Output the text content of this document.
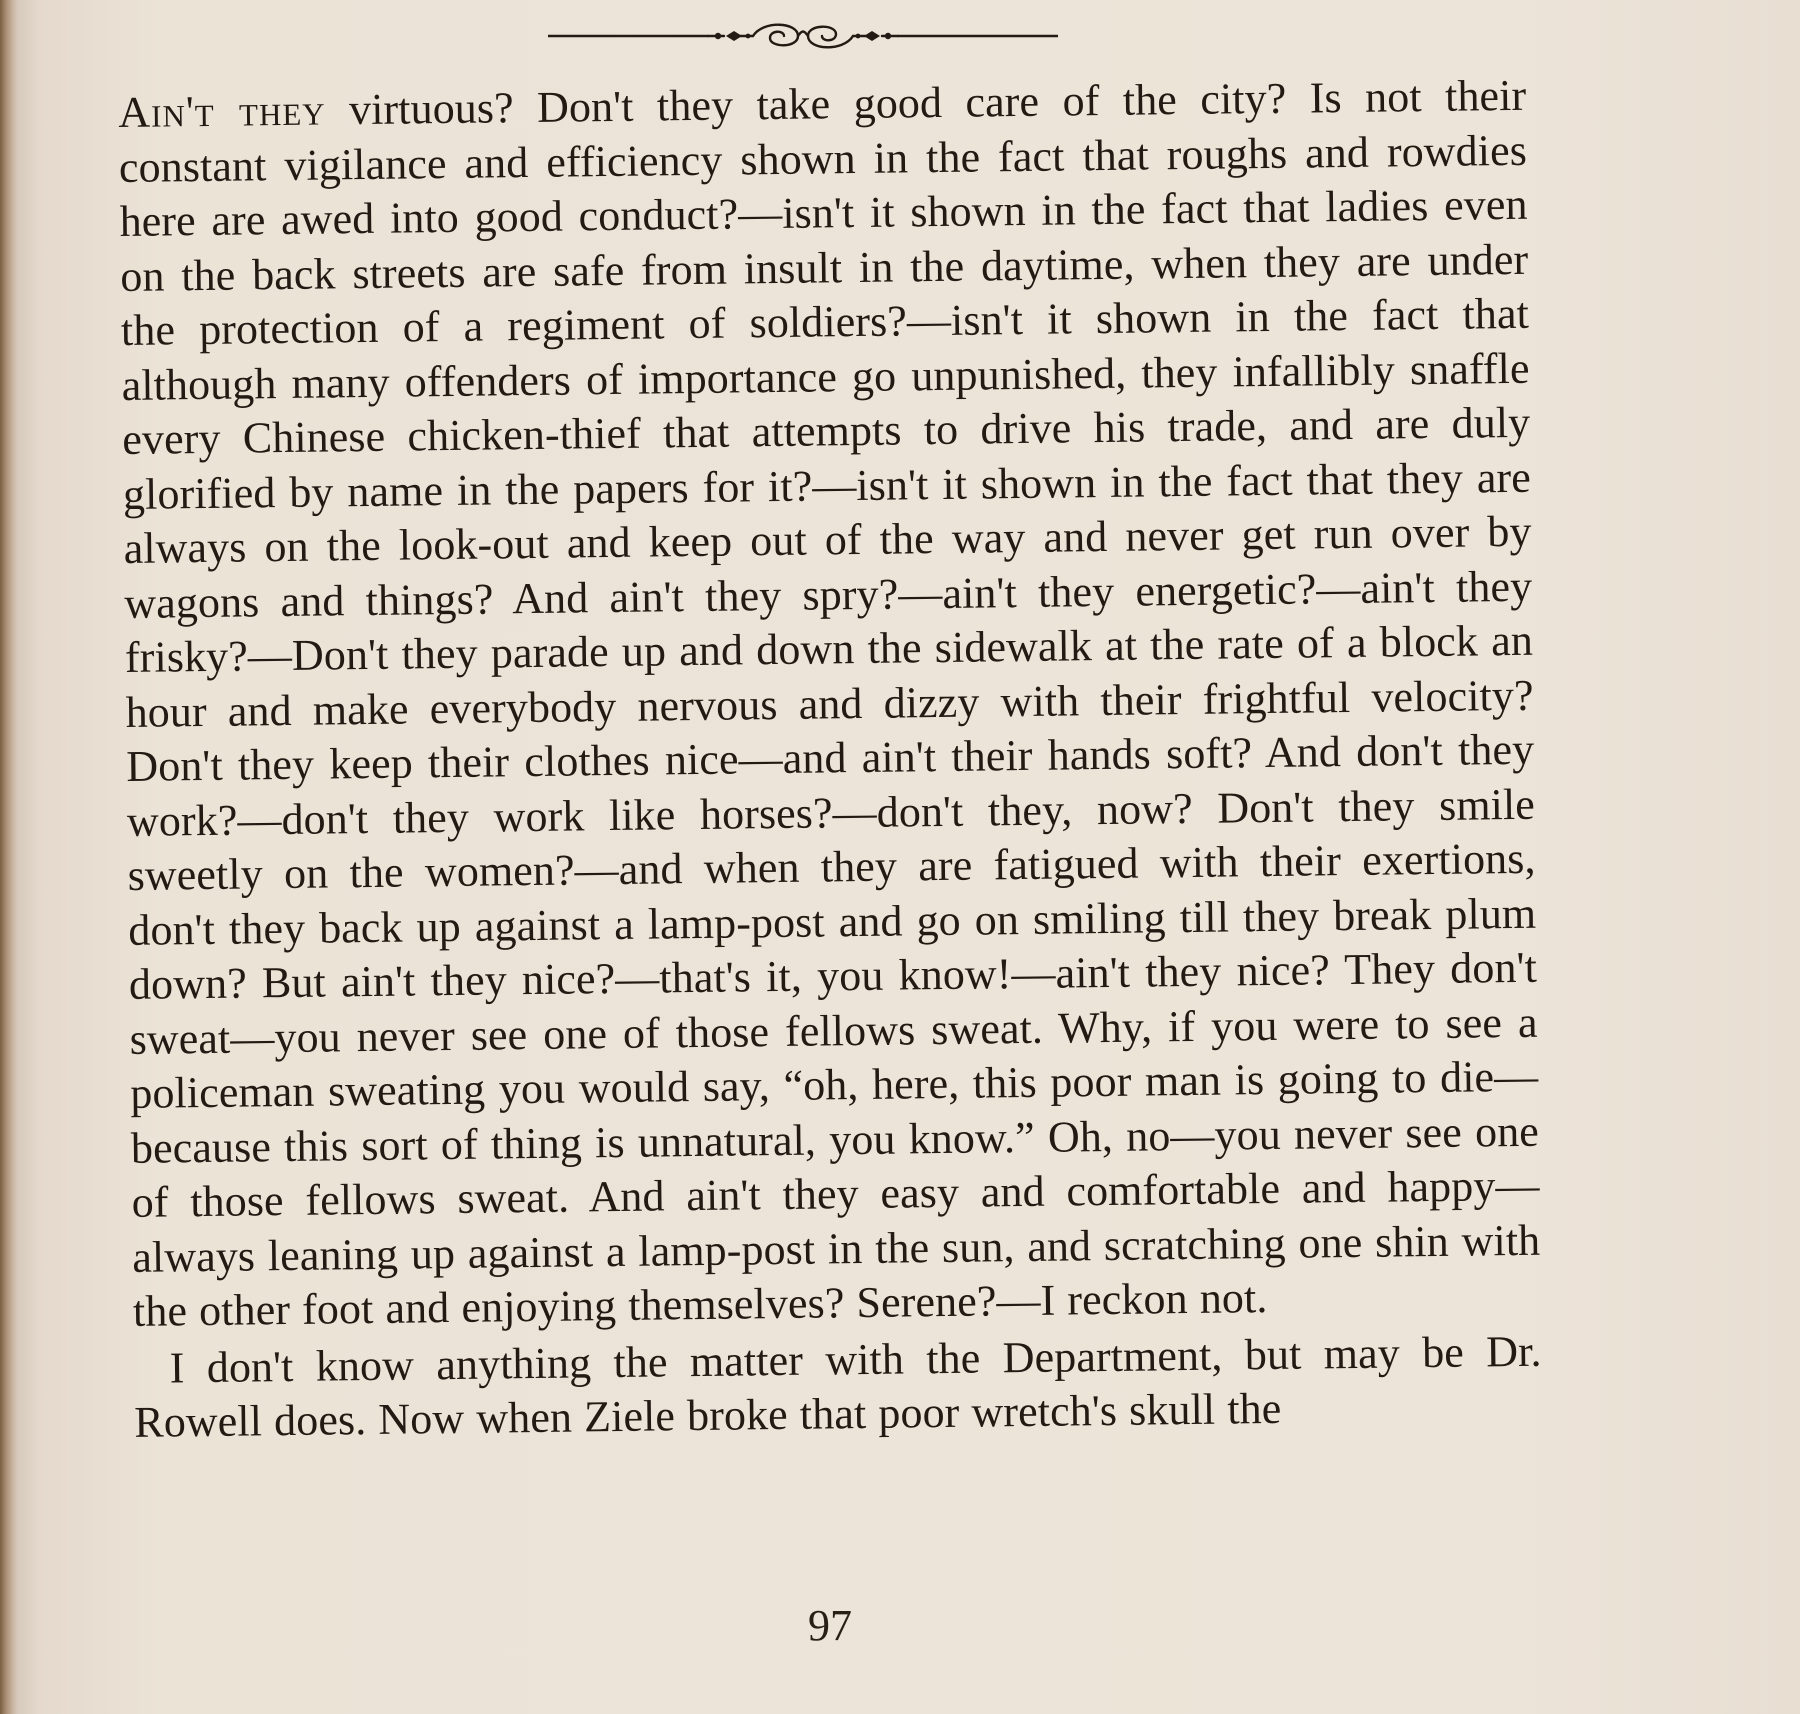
Ain't they virtuous? Don't they take good care of the city? Is not their constant vigilance and efficiency shown in the fact that roughs and rowdies here are awed into good conduct?—isn't it shown in the fact that ladies even on the back streets are safe from insult in the daytime, when they are under the protection of a regiment of soldiers?—isn't it shown in the fact that although many offenders of importance go unpunished, they infallibly snaffle every Chinese chicken-thief that attempts to drive his trade, and are duly glorified by name in the papers for it?—isn't it shown in the fact that they are always on the look-out and keep out of the way and never get run over by wagons and things? And ain't they spry?—ain't they energetic?—ain't they frisky?—Don't they parade up and down the sidewalk at the rate of a block an hour and make everybody nervous and dizzy with their frightful velocity? Don't they keep their clothes nice—and ain't their hands soft? And don't they work?—don't they work like horses?—don't they, now? Don't they smile sweetly on the women?—and when they are fatigued with their exertions, don't they back up against a lamp-post and go on smiling till they break plum down? But ain't they nice?—that's it, you know!—ain't they nice? They don't sweat—you never see one of those fellows sweat. Why, if you were to see a policeman sweating you would say, “oh, here, this poor man is going to die—because this sort of thing is unnatural, you know.” Oh, no—you never see one of those fellows sweat. And ain't they easy and comfortable and happy—always leaning up against a lamp-post in the sun, and scratching one shin with the other foot and enjoying themselves? Serene?—I reckon not.

I don't know anything the matter with the Department, but may be Dr. Rowell does. Now when Ziele broke that poor wretch's skull the

97
